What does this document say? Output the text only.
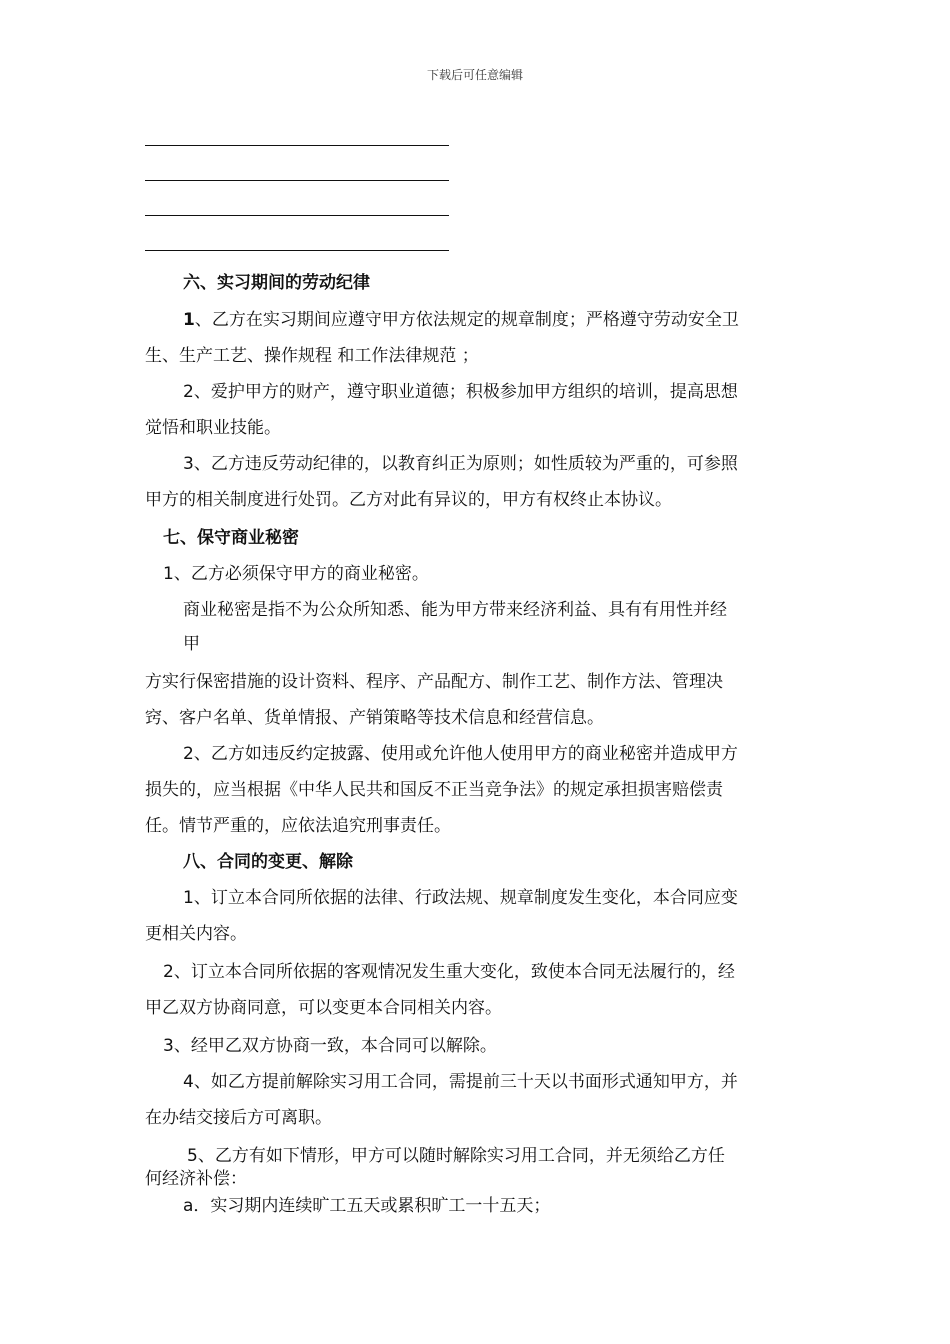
下载后可任意编辑
六、实习期间的劳动纪律
1、乙方在实习期间应遵守甲方依法规定的规章制度；严格遵守劳动安全卫
生、生产工艺、操作规程 和工作法律规范 ；
2、爱护甲方的财产，遵守职业道德；积极参加甲方组织的培训，提高思想
觉悟和职业技能。
3、乙方违反劳动纪律的，以教育纠正为原则；如性质较为严重的，可参照
甲方的相关制度进行处罚。乙方对此有异议的，甲方有权终止本协议。
七、保守商业秘密
1、乙方必须保守甲方的商业秘密。
商业秘密是指不为公众所知悉、能为甲方带来经济利益、具有有用性并经
甲
方实行保密措施的设计资料、程序、产品配方、制作工艺、制作方法、管理决
窍、客户名单、货单情报、产销策略等技术信息和经营信息。
2、乙方如违反约定披露、使用或允许他人使用甲方的商业秘密并造成甲方
损失的，应当根据《中华人民共和国反不正当竞争法》的规定承担损害赔偿责
任。情节严重的，应依法追究刑事责任。
八、合同的变更、解除
1、订立本合同所依据的法律、行政法规、规章制度发生变化，本合同应变
更相关内容。
2、订立本合同所依据的客观情况发生重大变化，致使本合同无法履行的，经
甲乙双方协商同意，可以变更本合同相关内容。
3、经甲乙双方协商一致，本合同可以解除。
4、如乙方提前解除实习用工合同，需提前三十天以书面形式通知甲方，并
在办结交接后方可离职。
5、乙方有如下情形，甲方可以随时解除实习用工合同，并无须给乙方任
何经济补偿：
a．实习期内连续旷工五天或累积旷工一十五天；
